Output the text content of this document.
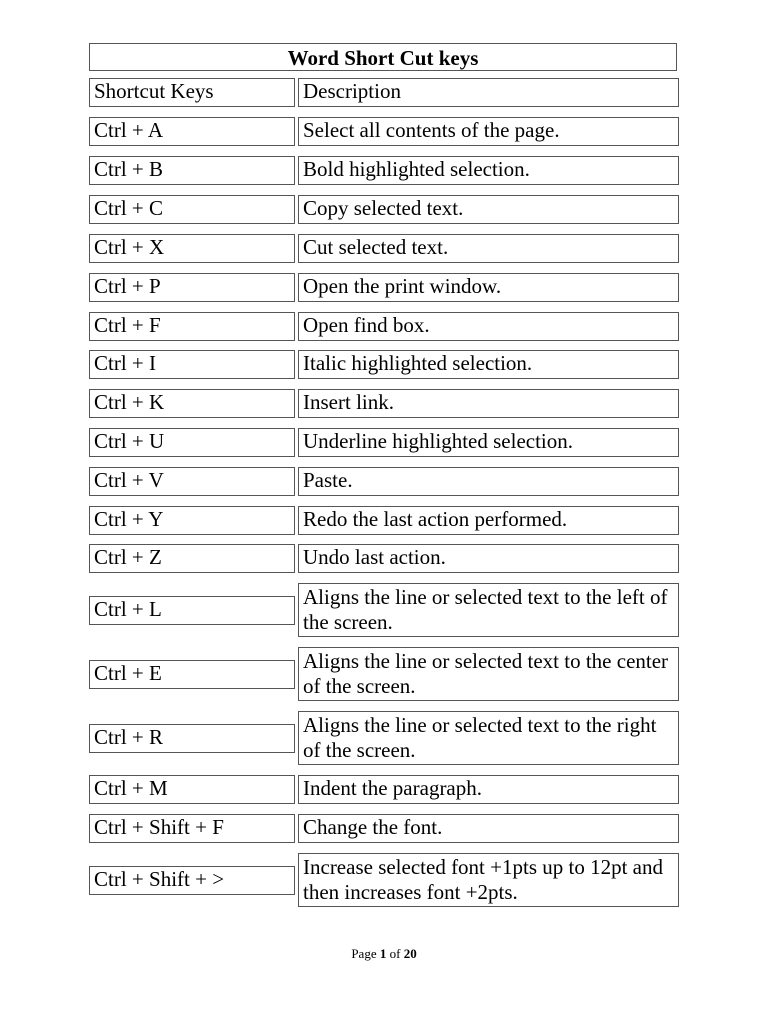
Word Short Cut keys
Shortcut Keys	Description
Ctrl + A	Select all contents of the page.
Ctrl + B	Bold highlighted selection.
Ctrl + C	Copy selected text.
Ctrl + X	Cut selected text.
Ctrl + P	Open the print window.
Ctrl + F	Open find box.
Ctrl + I	Italic highlighted selection.
Ctrl + K	Insert link.
Ctrl + U	Underline highlighted selection.
Ctrl + V	Paste.
Ctrl + Y	Redo the last action performed.
Ctrl + Z	Undo last action.
Ctrl + L	Aligns the line or selected text to the left of the screen.
Ctrl + E	Aligns the line or selected text to the center of the screen.
Ctrl + R	Aligns the line or selected text to the right of the screen.
Ctrl + M	Indent the paragraph.
Ctrl + Shift + F	Change the font.
Ctrl + Shift + >	Increase selected font +1pts up to 12pt and then increases font +2pts.
Page 1 of 20
